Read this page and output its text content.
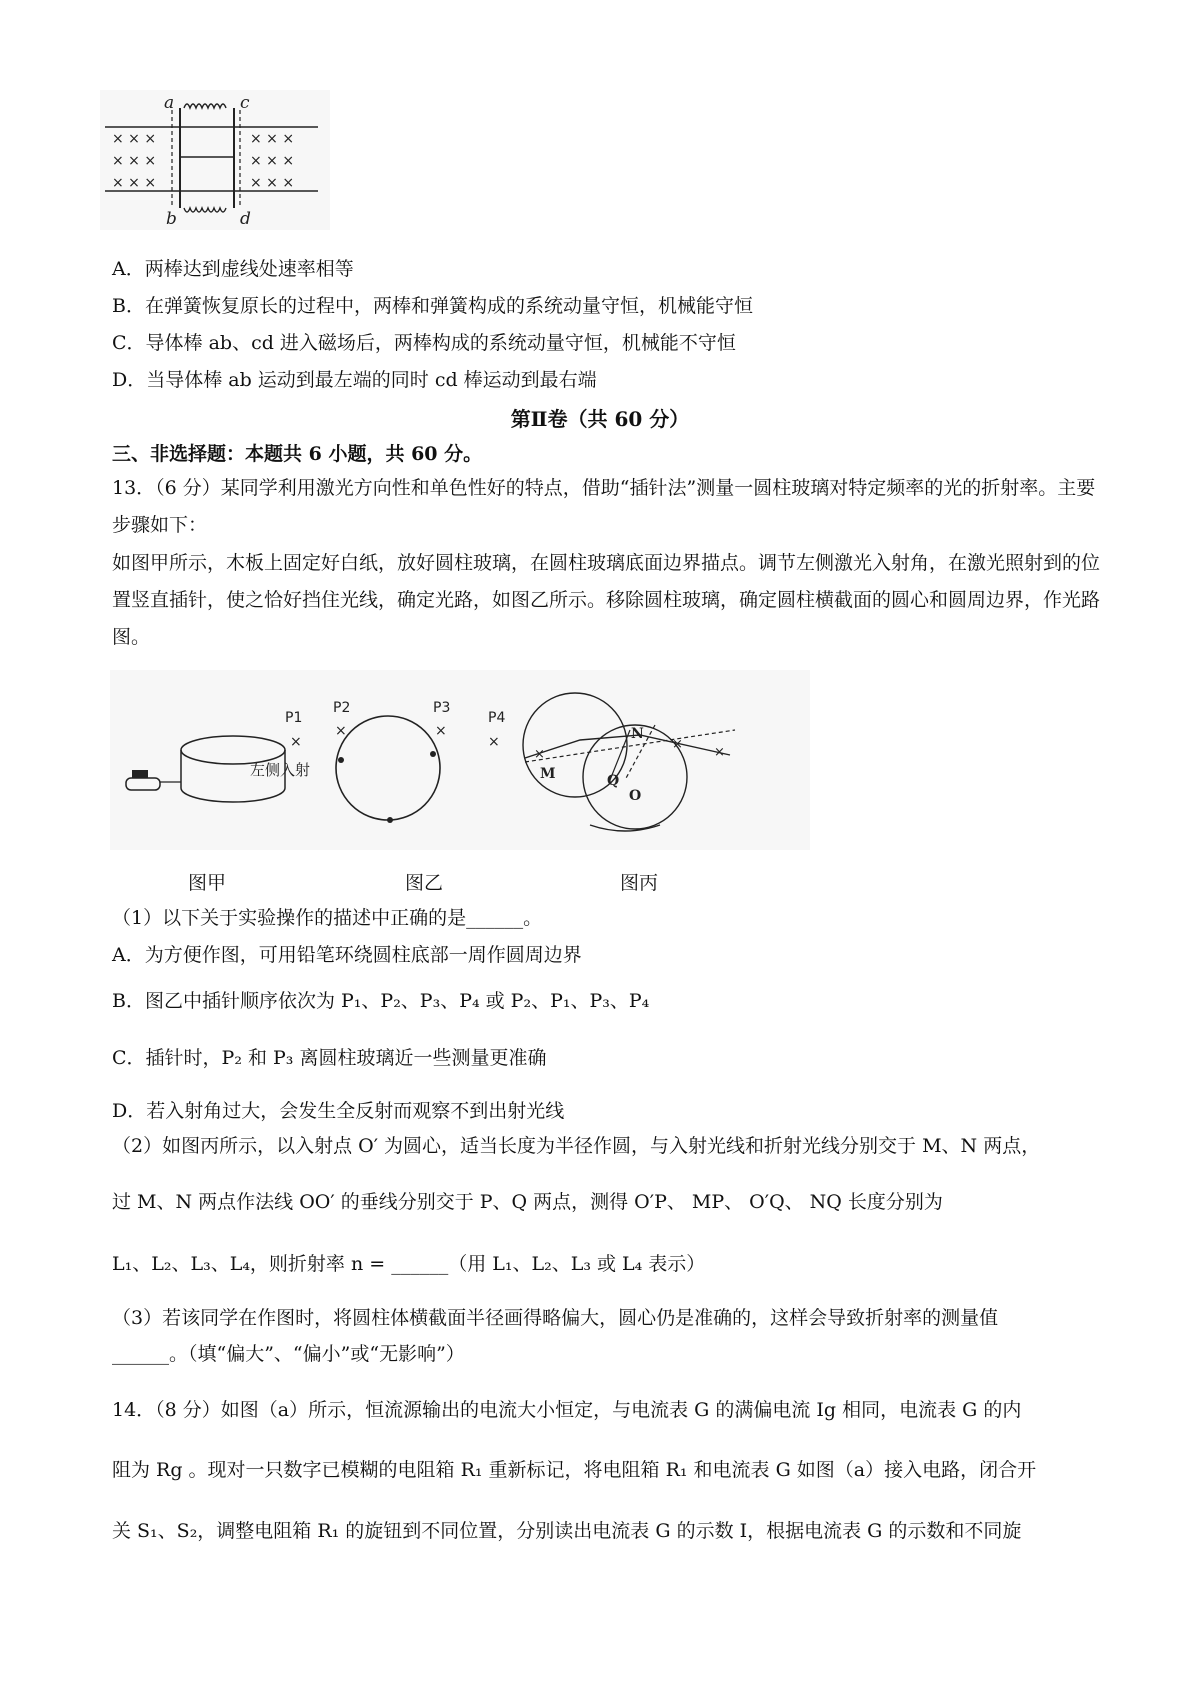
× × ×
× × ×
× × ×
× × ×
× × ×
× × ×
a	c
b	d
A．两棒达到虚线处速率相等
B．在弹簧恢复原长的过程中，两棒和弹簧构成的系统动量守恒，机械能守恒
C．导体棒 ab、cd 进入磁场后，两棒构成的系统动量守恒，机械能不守恒
D．当导体棒 ab 运动到最左端的同时 cd 棒运动到最右端
第Ⅱ卷（共 60 分）
三、非选择题：本题共 6 小题，共 60 分。
13．（6 分）某同学利用激光方向性和单色性好的特点，借助“插针法”测量一圆柱玻璃对特定频率的光的折射率。主要步骤如下：
如图甲所示，木板上固定好白纸，放好圆柱玻璃，在圆柱玻璃底面边界描点。调节左侧激光入射角，在激光照射到的位置竖直插针，使之恰好挡住光线，确定光路，如图乙所示。移除圆柱玻璃，确定圆柱横截面的圆心和圆周边界，作光路图。
P1
×
P2
×
P3
×
P4
×
左侧入射
×
×
×
M
N
Q
O
图甲	图乙	图丙
（1）以下关于实验操作的描述中正确的是______。
A．为方便作图，可用铅笔环绕圆柱底部一周作圆周边界
B．图乙中插针顺序依次为 P₁、P₂、P₃、P₄ 或 P₂、P₁、P₃、P₄
C．插针时，P₂ 和 P₃ 离圆柱玻璃近一些测量更准确
D．若入射角过大，会发生全反射而观察不到出射光线
（2）如图丙所示，以入射点 O′ 为圆心，适当长度为半径作圆，与入射光线和折射光线分别交于 M、N 两点，
过 M、N 两点作法线 OO′ 的垂线分别交于 P、Q 两点，测得 O′P、 MP、 O′Q、 NQ 长度分别为
L₁、L₂、L₃、L₄，则折射率 n = ______（用 L₁、L₂、L₃ 或 L₄ 表示）
（3）若该同学在作图时，将圆柱体横截面半径画得略偏大，圆心仍是准确的，这样会导致折射率的测量值
______。（填“偏大”、“偏小”或“无影响”）
14．（8 分）如图（a）所示，恒流源输出的电流大小恒定，与电流表 G 的满偏电流 Ig 相同，电流表 G 的内
阻为 Rg 。现对一只数字已模糊的电阻箱 R₁ 重新标记，将电阻箱 R₁ 和电流表 G 如图（a）接入电路，闭合开
关 S₁、S₂，调整电阻箱 R₁ 的旋钮到不同位置，分别读出电流表 G 的示数 I，根据电流表 G 的示数和不同旋
